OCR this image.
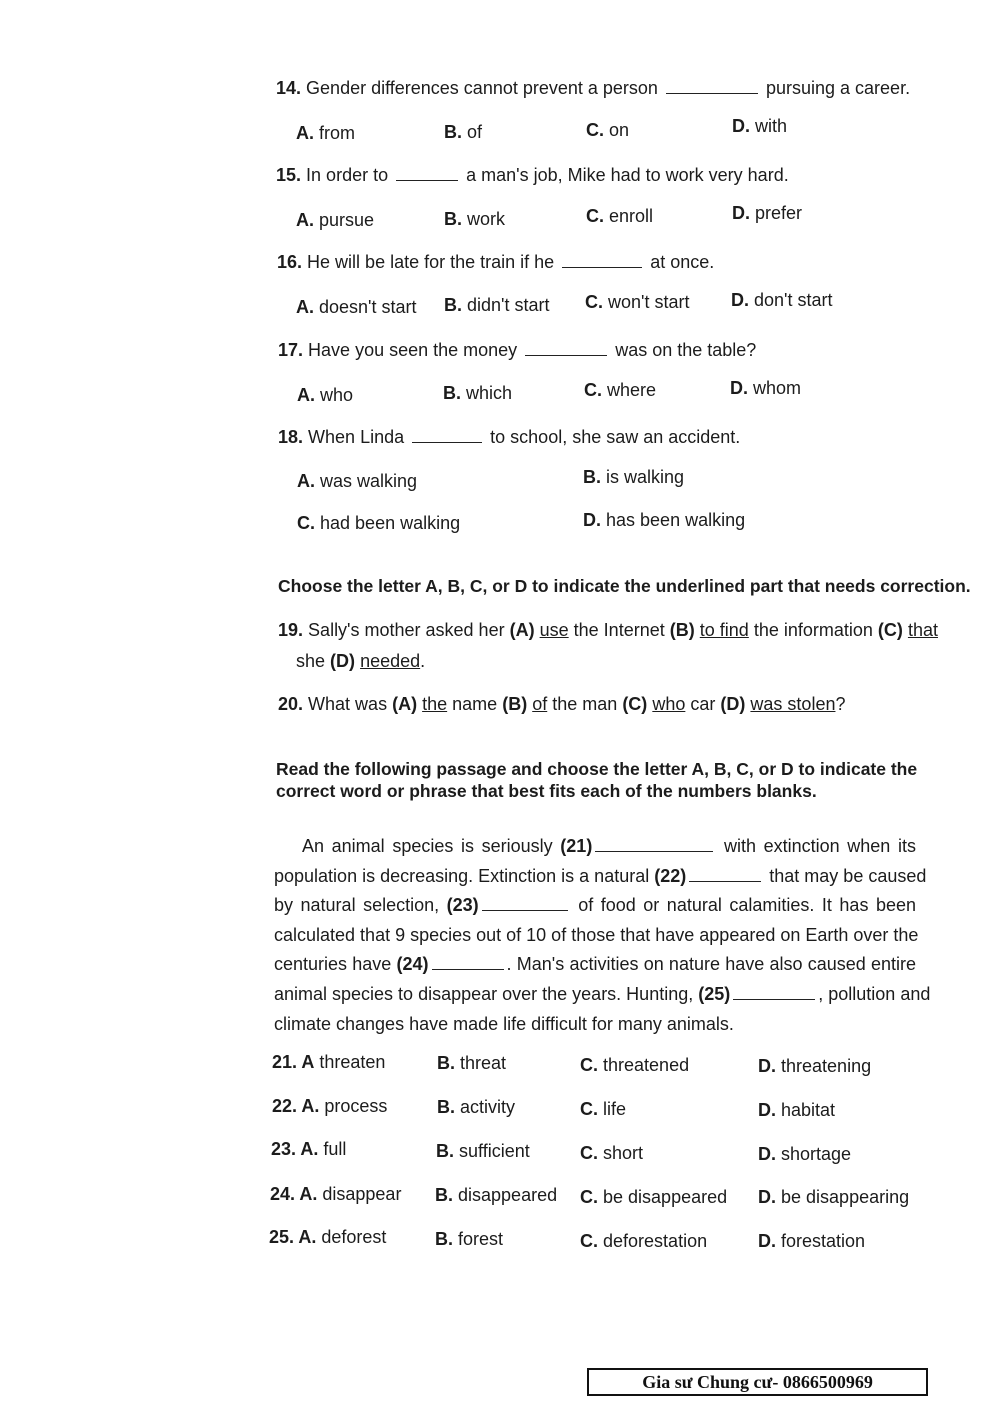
14. Gender differences cannot prevent a person	pursuing a career.
A. from	B. of	C. on	D. with
15. In order to	a man's job, Mike had to work very hard.
A. pursue	B. work	C. enroll	D. prefer
16. He will be late for the train if he	at once.
A. doesn't start B. didn't start C. won't start D. don't start
17. Have you seen the money	was on the table?
A. who	B. which	C. where	D. whom
18. When Linda	to school, she saw an accident.
A. was walking	B. is walking
C. had been walking	D. has been walking
Choose the letter A, B, C, or D to indicate the underlined part that needs correction.
19. Sally's mother asked her (A) use the Internet (B) to find the information (C) that
she (D) needed.
20. What was (A) the name (B) of the man (C) who car (D) was stolen?
Read the following passage and choose the letter A, B, C, or D to indicate the
correct word or phrase that best fits each of the numbers blanks.
An animal species is seriously (21)	with extinction when its
population is decreasing. Extinction is a natural (22)	that may be caused
by natural selection, (23)	of food or natural calamities. It has been
calculated that 9 species out of 10 of those that have appeared on Earth over the
centuries have (24)	. Man's activities on nature have also caused entire
animal species to disappear over the years. Hunting, (25)	, pollution and
climate changes have made life difficult for many animals.
21. A threaten	B. threat	C. threatened	D. threatening
22. A. process	B. activity	C. life	D. habitat
23. A. full	B. sufficient	C. short	D. shortage
24. A. disappear B. disappeared C. be disappeared D. be disappearing
25. A. deforest	B. forest	C. deforestation	D. forestation
Gia sư Chung cư- 0866500969
